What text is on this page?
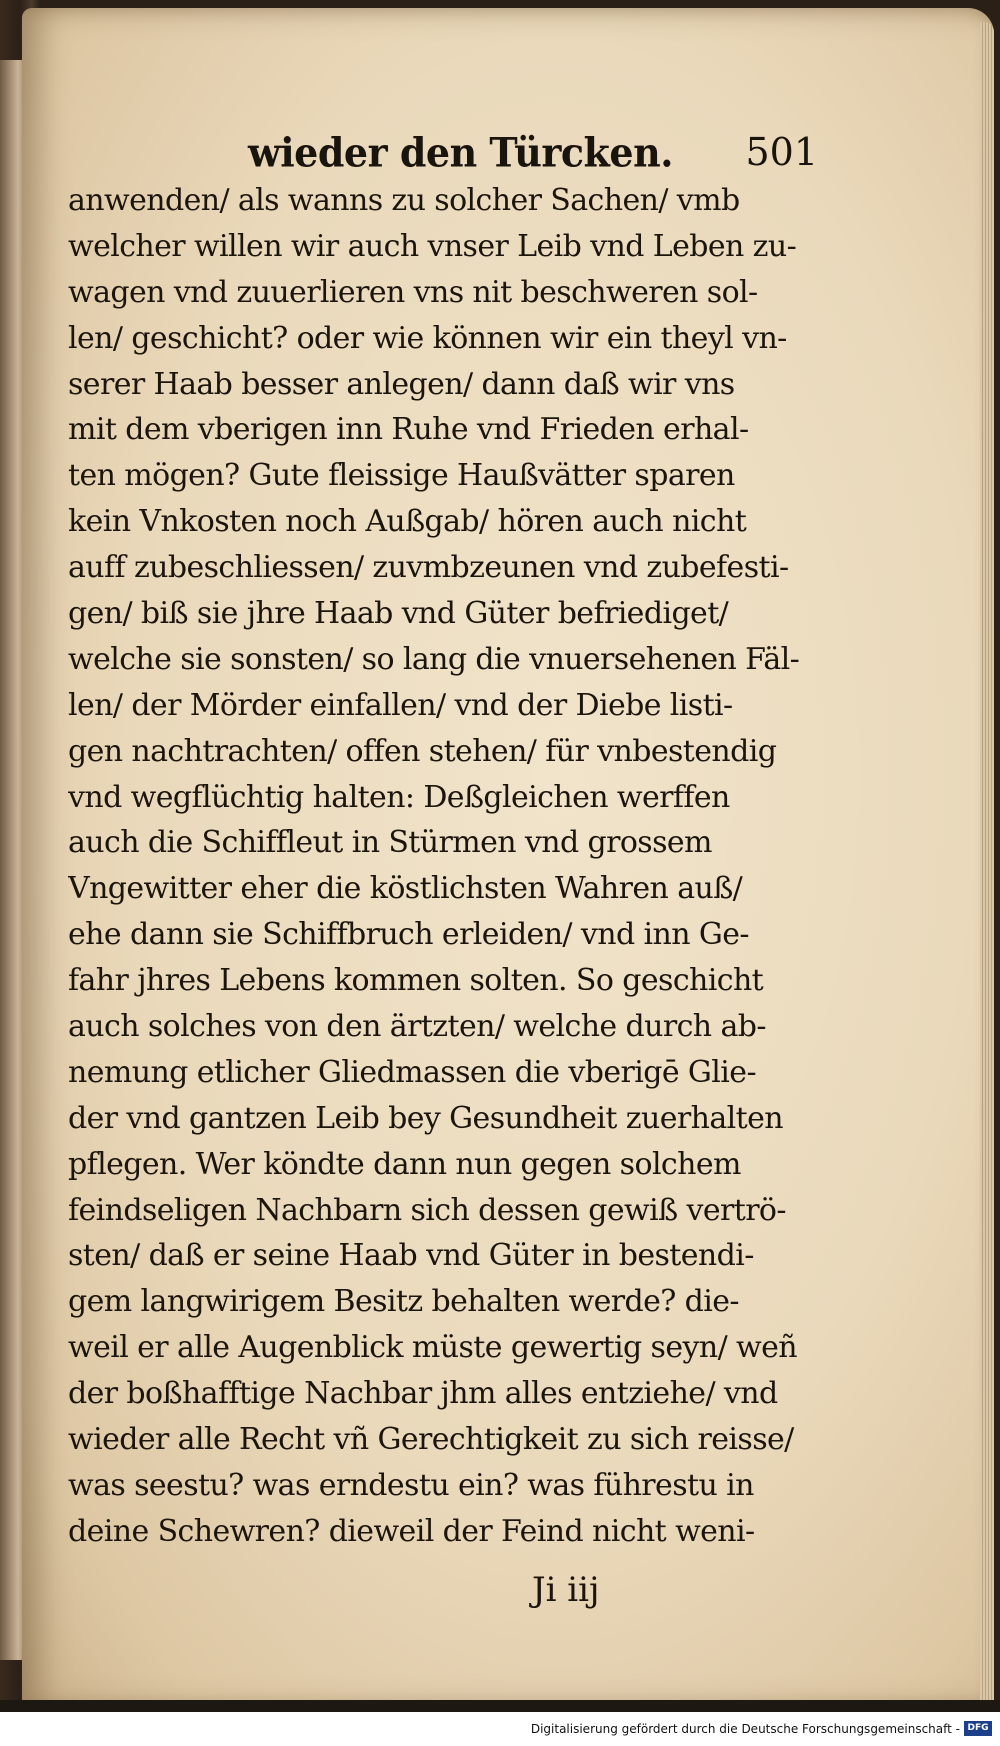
wieder den Türcken. 501
anwenden/ als wanns zu solcher Sachen/ vmb
welcher willen wir auch vnser Leib vnd Leben zu-
wagen vnd zuuerlieren vns nit beschweren sol-
len/ geschicht? oder wie können wir ein theyl vn-
serer Haab besser anlegen/ dann daß wir vns
mit dem vberigen inn Ruhe vnd Frieden erhal-
ten mögen? Gute fleissige Haußvätter sparen
kein Vnkosten noch Außgab/ hören auch nicht
auff zubeschliessen/ zuvmbzeunen vnd zubefesti-
gen/ biß sie jhre Haab vnd Güter befriediget/
welche sie sonsten/ so lang die vnuersehenen Fäl-
len/ der Mörder einfallen/ vnd der Diebe listi-
gen nachtrachten/ offen stehen/ für vnbestendig
vnd wegflüchtig halten: Deßgleichen werffen
auch die Schiffleut in Stürmen vnd grossem
Vngewitter eher die köstlichsten Wahren auß/
ehe dann sie Schiffbruch erleiden/ vnd inn Ge-
fahr jhres Lebens kommen solten. So geschicht
auch solches von den ärtzten/ welche durch ab-
nemung etlicher Gliedmassen die vberigē Glie-
der vnd gantzen Leib bey Gesundheit zuerhalten
pflegen. Wer köndte dann nun gegen solchem
feindseligen Nachbarn sich dessen gewiß vertrö-
sten/ daß er seine Haab vnd Güter in bestendi-
gem langwirigem Besitz behalten werde? die-
weil er alle Augenblick müste gewertig seyn/ weñ
der boßhafftige Nachbar jhm alles entziehe/ vnd
wieder alle Recht vñ Gerechtigkeit zu sich reisse/
was seestu? was erndestu ein? was führestu in
deine Schewren? dieweil der Feind nicht weni-
Ji iij
Digitalisierung gefördert durch die Deutsche Forschungsgemeinschaft - DFG
